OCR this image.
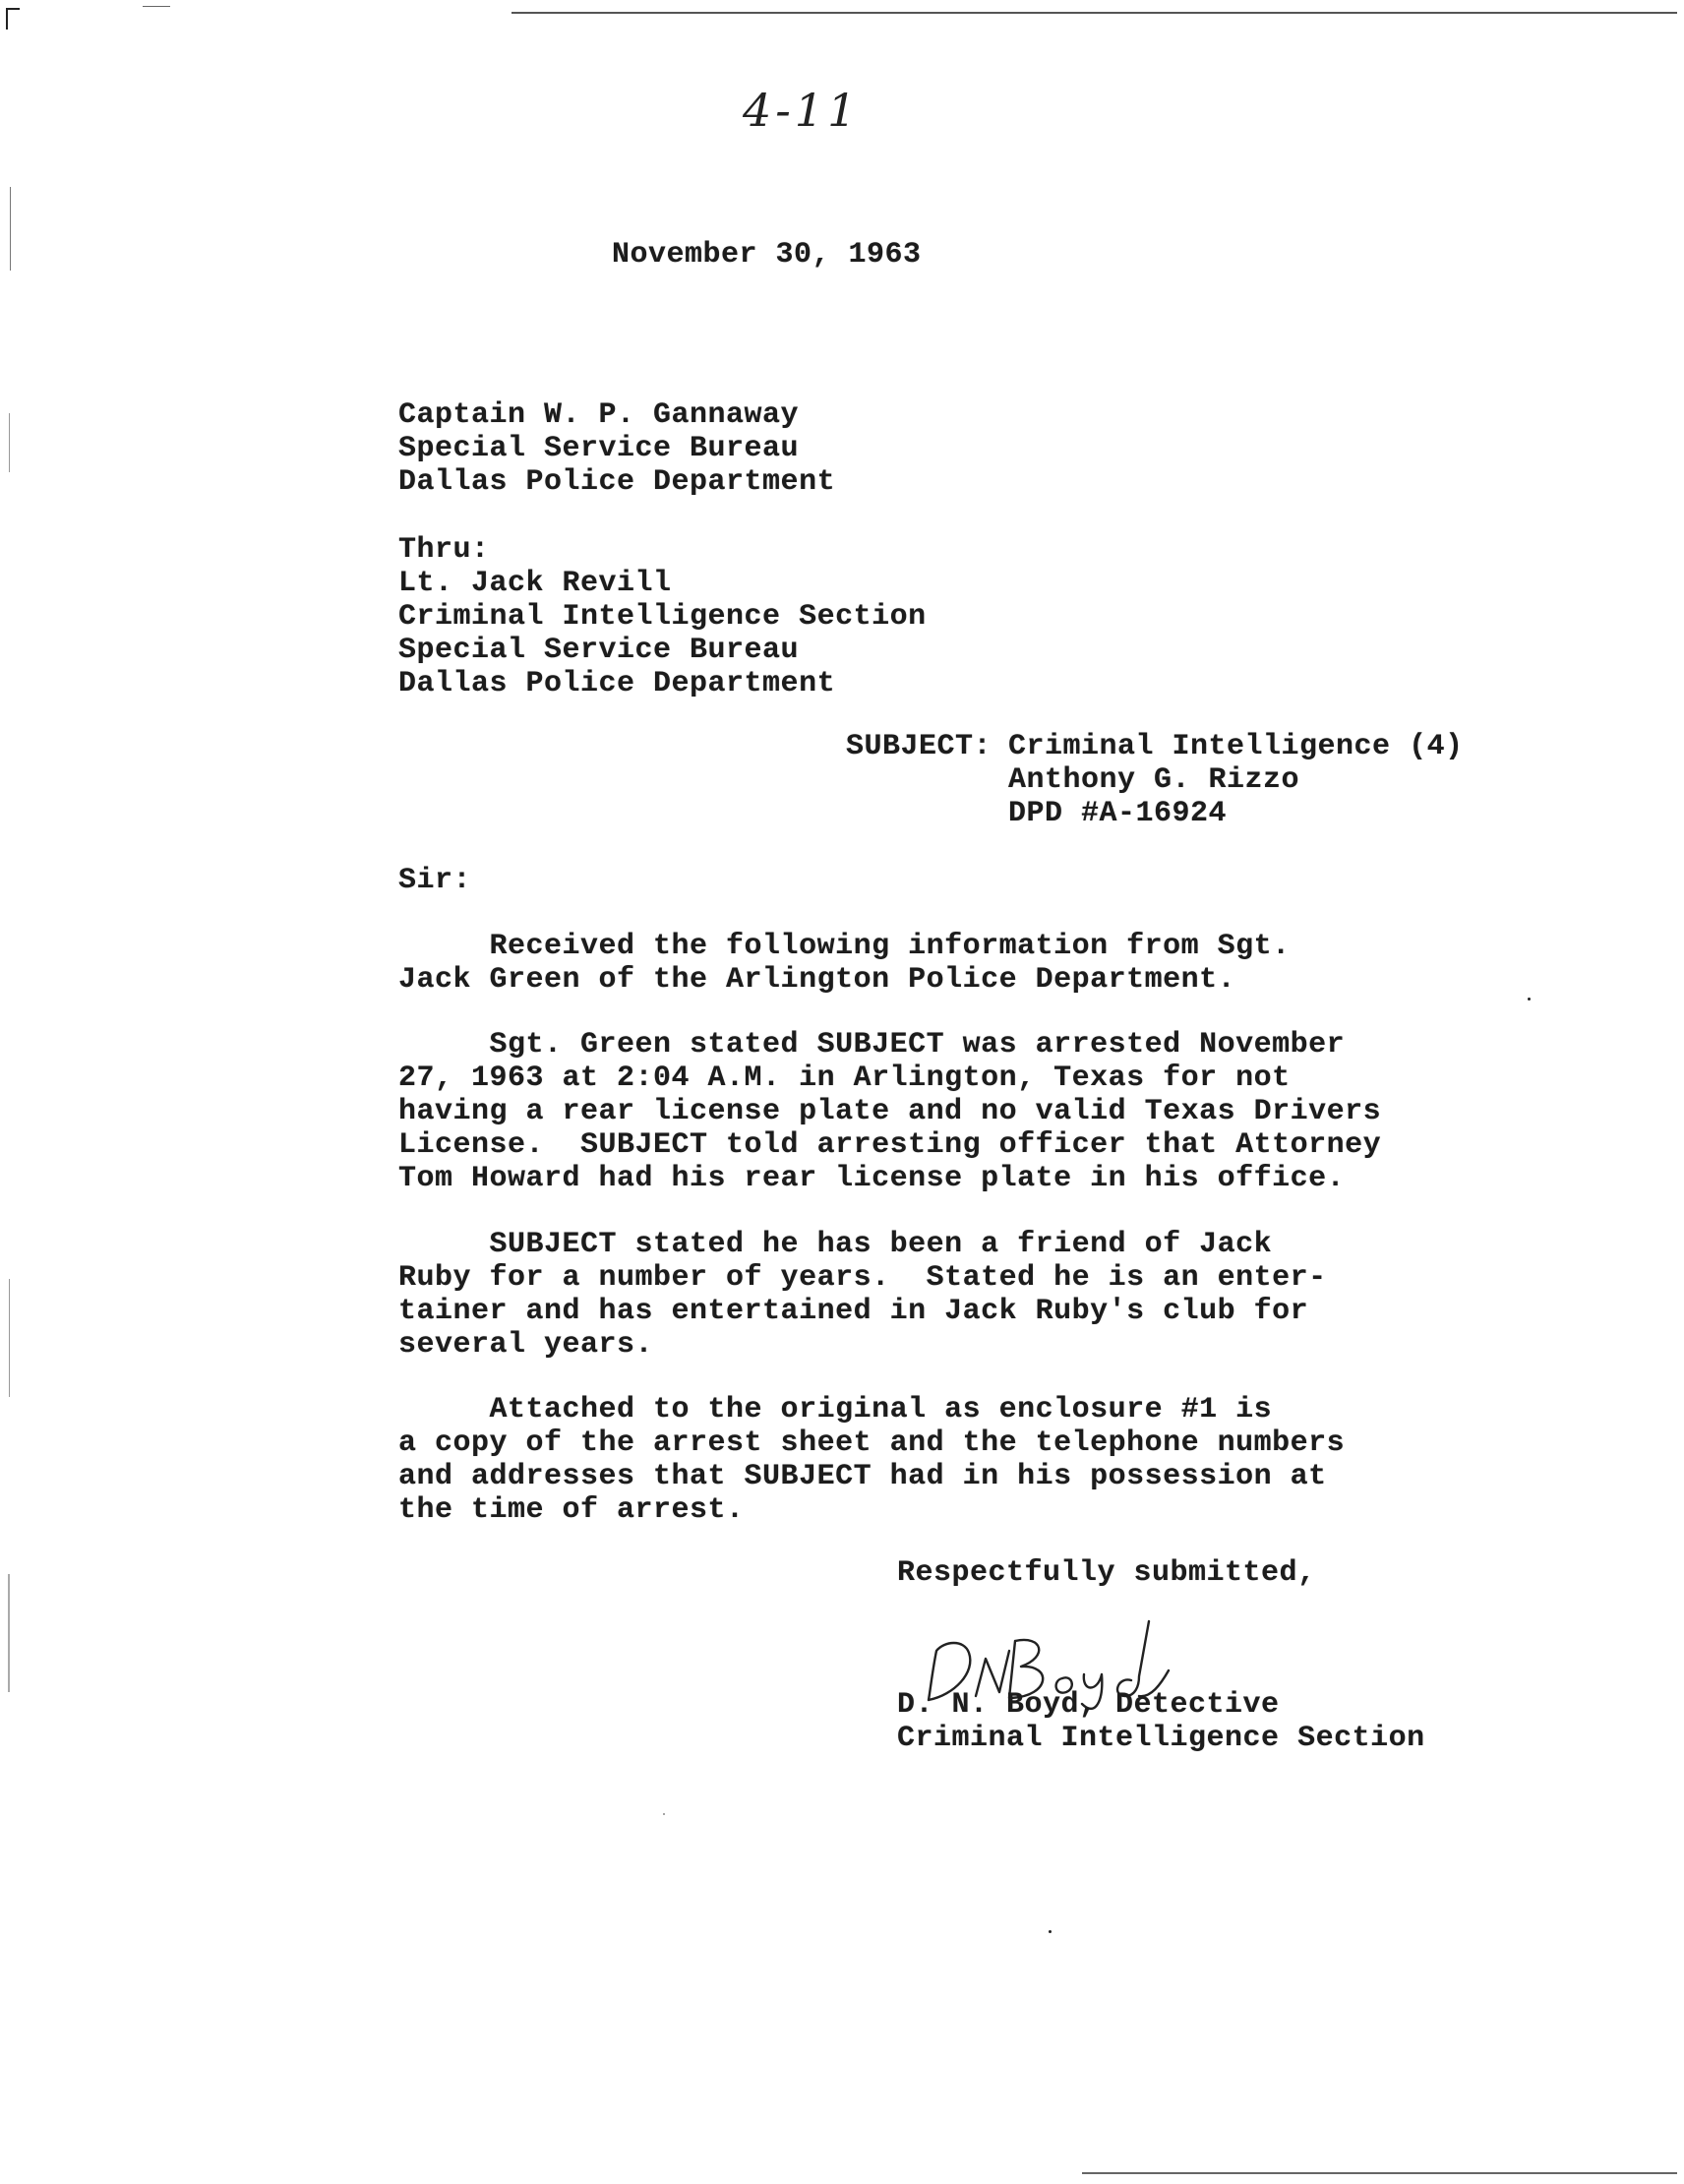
4-11
November 30, 1963
Captain W. P. Gannaway
Special Service Bureau
Dallas Police Department
Thru:
Lt. Jack Revill
Criminal Intelligence Section
Special Service Bureau
Dallas Police Department
SUBJECT: Criminal Intelligence (4)
Anthony G. Rizzo
DPD #A-16924
Sir:
Received the following information from Sgt.
Jack Green of the Arlington Police Department.
Sgt. Green stated SUBJECT was arrested November
27, 1963 at 2:04 A.M. in Arlington, Texas for not
having a rear license plate and no valid Texas Drivers
License.  SUBJECT told arresting officer that Attorney
Tom Howard had his rear license plate in his office.
SUBJECT stated he has been a friend of Jack
Ruby for a number of years.  Stated he is an enter-
tainer and has entertained in Jack Ruby's club for
several years.
Attached to the original as enclosure #1 is
a copy of the arrest sheet and the telephone numbers
and addresses that SUBJECT had in his possession at
the time of arrest.
Respectfully submitted,
D. N. Boyd, Detective
Criminal Intelligence Section
